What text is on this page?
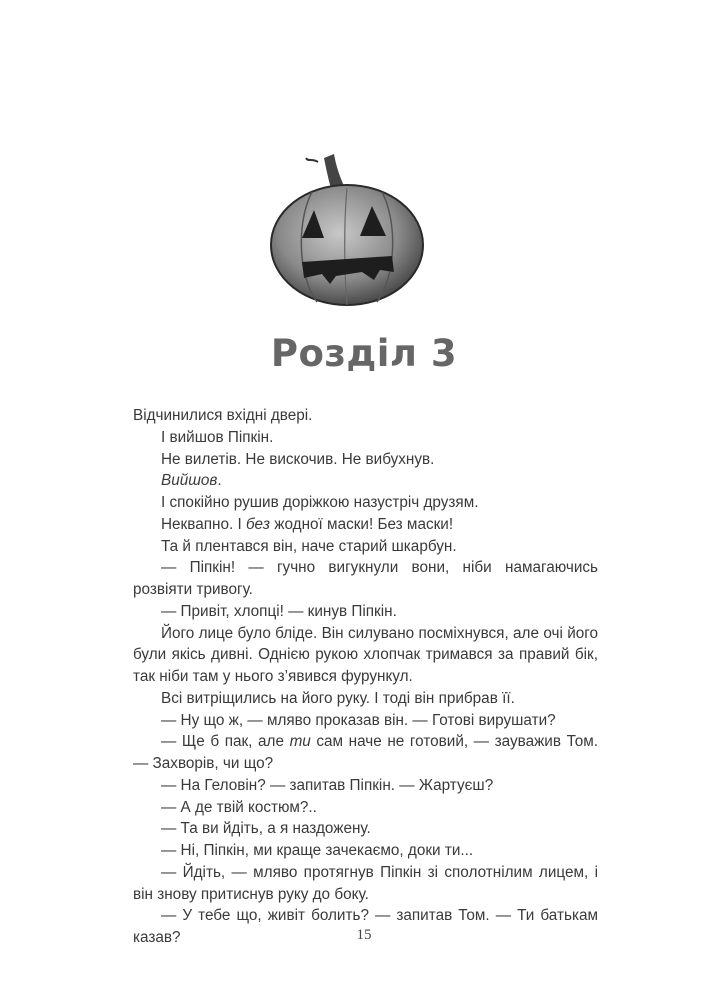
Розділ 3

Відчинилися вхідні двері.

І вийшов Піпкін.

Не вилетів. Не вискочив. Не вибухнув.

Вийшов.

І спокійно рушив доріжкою назустріч друзям.

Неквапно. І без жодної маски! Без маски!

Та й плентався він, наче старий шкарбун.

— Піпкін! — гучно вигукнули вони, ніби намагаючись розвіяти тривогу.

— Привіт, хлопці! — кинув Піпкін.

Його лице було бліде. Він силувано посміхнувся, але очі його були якісь дивні. Однією рукою хлопчак тримався за правий бік, так ніби там у нього з’явився фурункул.

Всі витріщились на його руку. І тоді він прибрав її.

— Ну що ж, — мляво проказав він. — Готові вирушати?

— Ще б пак, але ти сам наче не готовий, — зауважив Том. — Захворів, чи що?

— На Геловін? — запитав Піпкін. — Жартуєш?

— А де твій костюм?..

— Та ви йдіть, а я наздожену.

— Ні, Піпкін, ми краще зачекаємо, доки ти...

— Йдіть, — мляво протягнув Піпкін зі сполотнілим лицем, і він знову притиснув руку до боку.

— У тебе що, живіт болить? — запитав Том. — Ти батькам казав?	15
